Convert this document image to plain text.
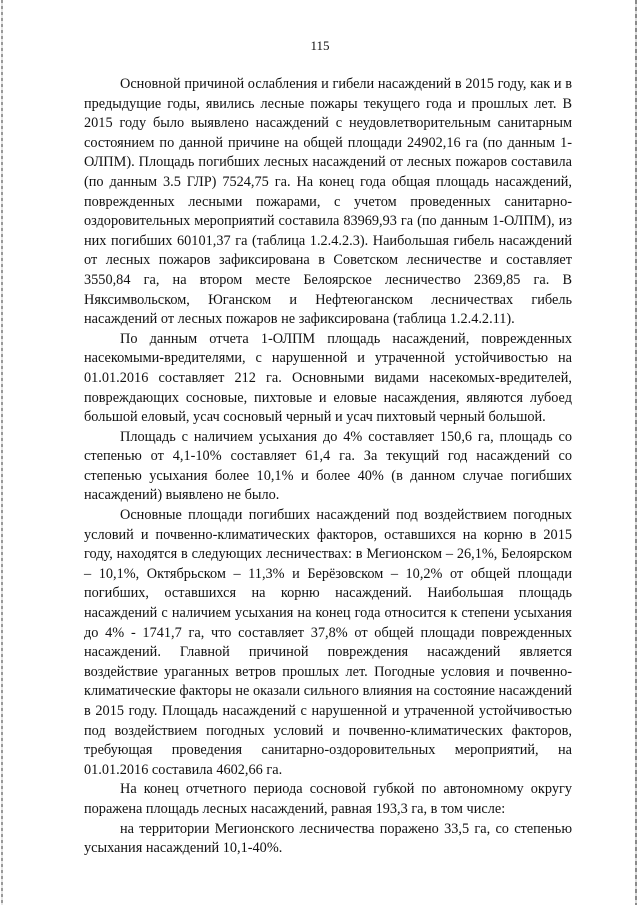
115

Основной причиной ослабления и гибели насаждений в 2015 году, как и в предыдущие годы, явились лесные пожары текущего года и прошлых лет. В 2015 году было выявлено насаждений с неудовлетворительным санитарным состоянием по данной причине на общей площади 24902,16 га (по данным 1-ОЛПМ). Площадь погибших лесных насаждений от лесных пожаров составила (по данным 3.5 ГЛР) 7524,75 га. На конец года общая площадь насаждений, поврежденных лесными пожарами, с учетом проведенных санитарно-оздоровительных мероприятий составила 83969,93 га (по данным 1-ОЛПМ), из них погибших 60101,37 га (таблица 1.2.4.2.3). Наибольшая гибель насаждений от лесных пожаров зафиксирована в Советском лесничестве и составляет 3550,84 га, на втором месте Белоярское лесничество 2369,85 га. В Няксимвольском, Юганском и Нефтеюганском лесничествах гибель насаждений от лесных пожаров не зафиксирована (таблица 1.2.4.2.11).

По данным отчета 1-ОЛПМ площадь насаждений, поврежденных насекомыми-вредителями, с нарушенной и утраченной устойчивостью на 01.01.2016 составляет 212 га. Основными видами насекомых-вредителей, повреждающих сосновые, пихтовые и еловые насаждения, являются лубоед большой еловый, усач сосновый черный и усач пихтовый черный большой.

Площадь с наличием усыхания до 4% составляет 150,6 га, площадь со степенью от 4,1-10% составляет 61,4 га. За текущий год насаждений со степенью усыхания более 10,1% и более 40% (в данном случае погибших насаждений) выявлено не было.

Основные площади погибших насаждений под воздействием погодных условий и почвенно-климатических факторов, оставшихся на корню в 2015 году, находятся в следующих лесничествах: в Мегионском – 26,1%, Белоярском – 10,1%, Октябрьском – 11,3% и Берёзовском – 10,2% от общей площади погибших, оставшихся на корню насаждений. Наибольшая площадь насаждений с наличием усыхания на конец года относится к степени усыхания до 4% - 1741,7 га, что составляет 37,8% от общей площади поврежденных насаждений. Главной причиной повреждения насаждений является воздействие ураганных ветров прошлых лет. Погодные условия и почвенно-климатические факторы не оказали сильного влияния на состояние насаждений в 2015 году. Площадь насаждений с нарушенной и утраченной устойчивостью под воздействием погодных условий и почвенно-климатических факторов, требующая проведения санитарно-оздоровительных мероприятий, на 01.01.2016 составила 4602,66 га.

На конец отчетного периода сосновой губкой по автономному округу поражена площадь лесных насаждений, равная 193,3 га, в том числе:

на территории Мегионского лесничества поражено 33,5 га, со степенью усыхания насаждений 10,1-40%.
